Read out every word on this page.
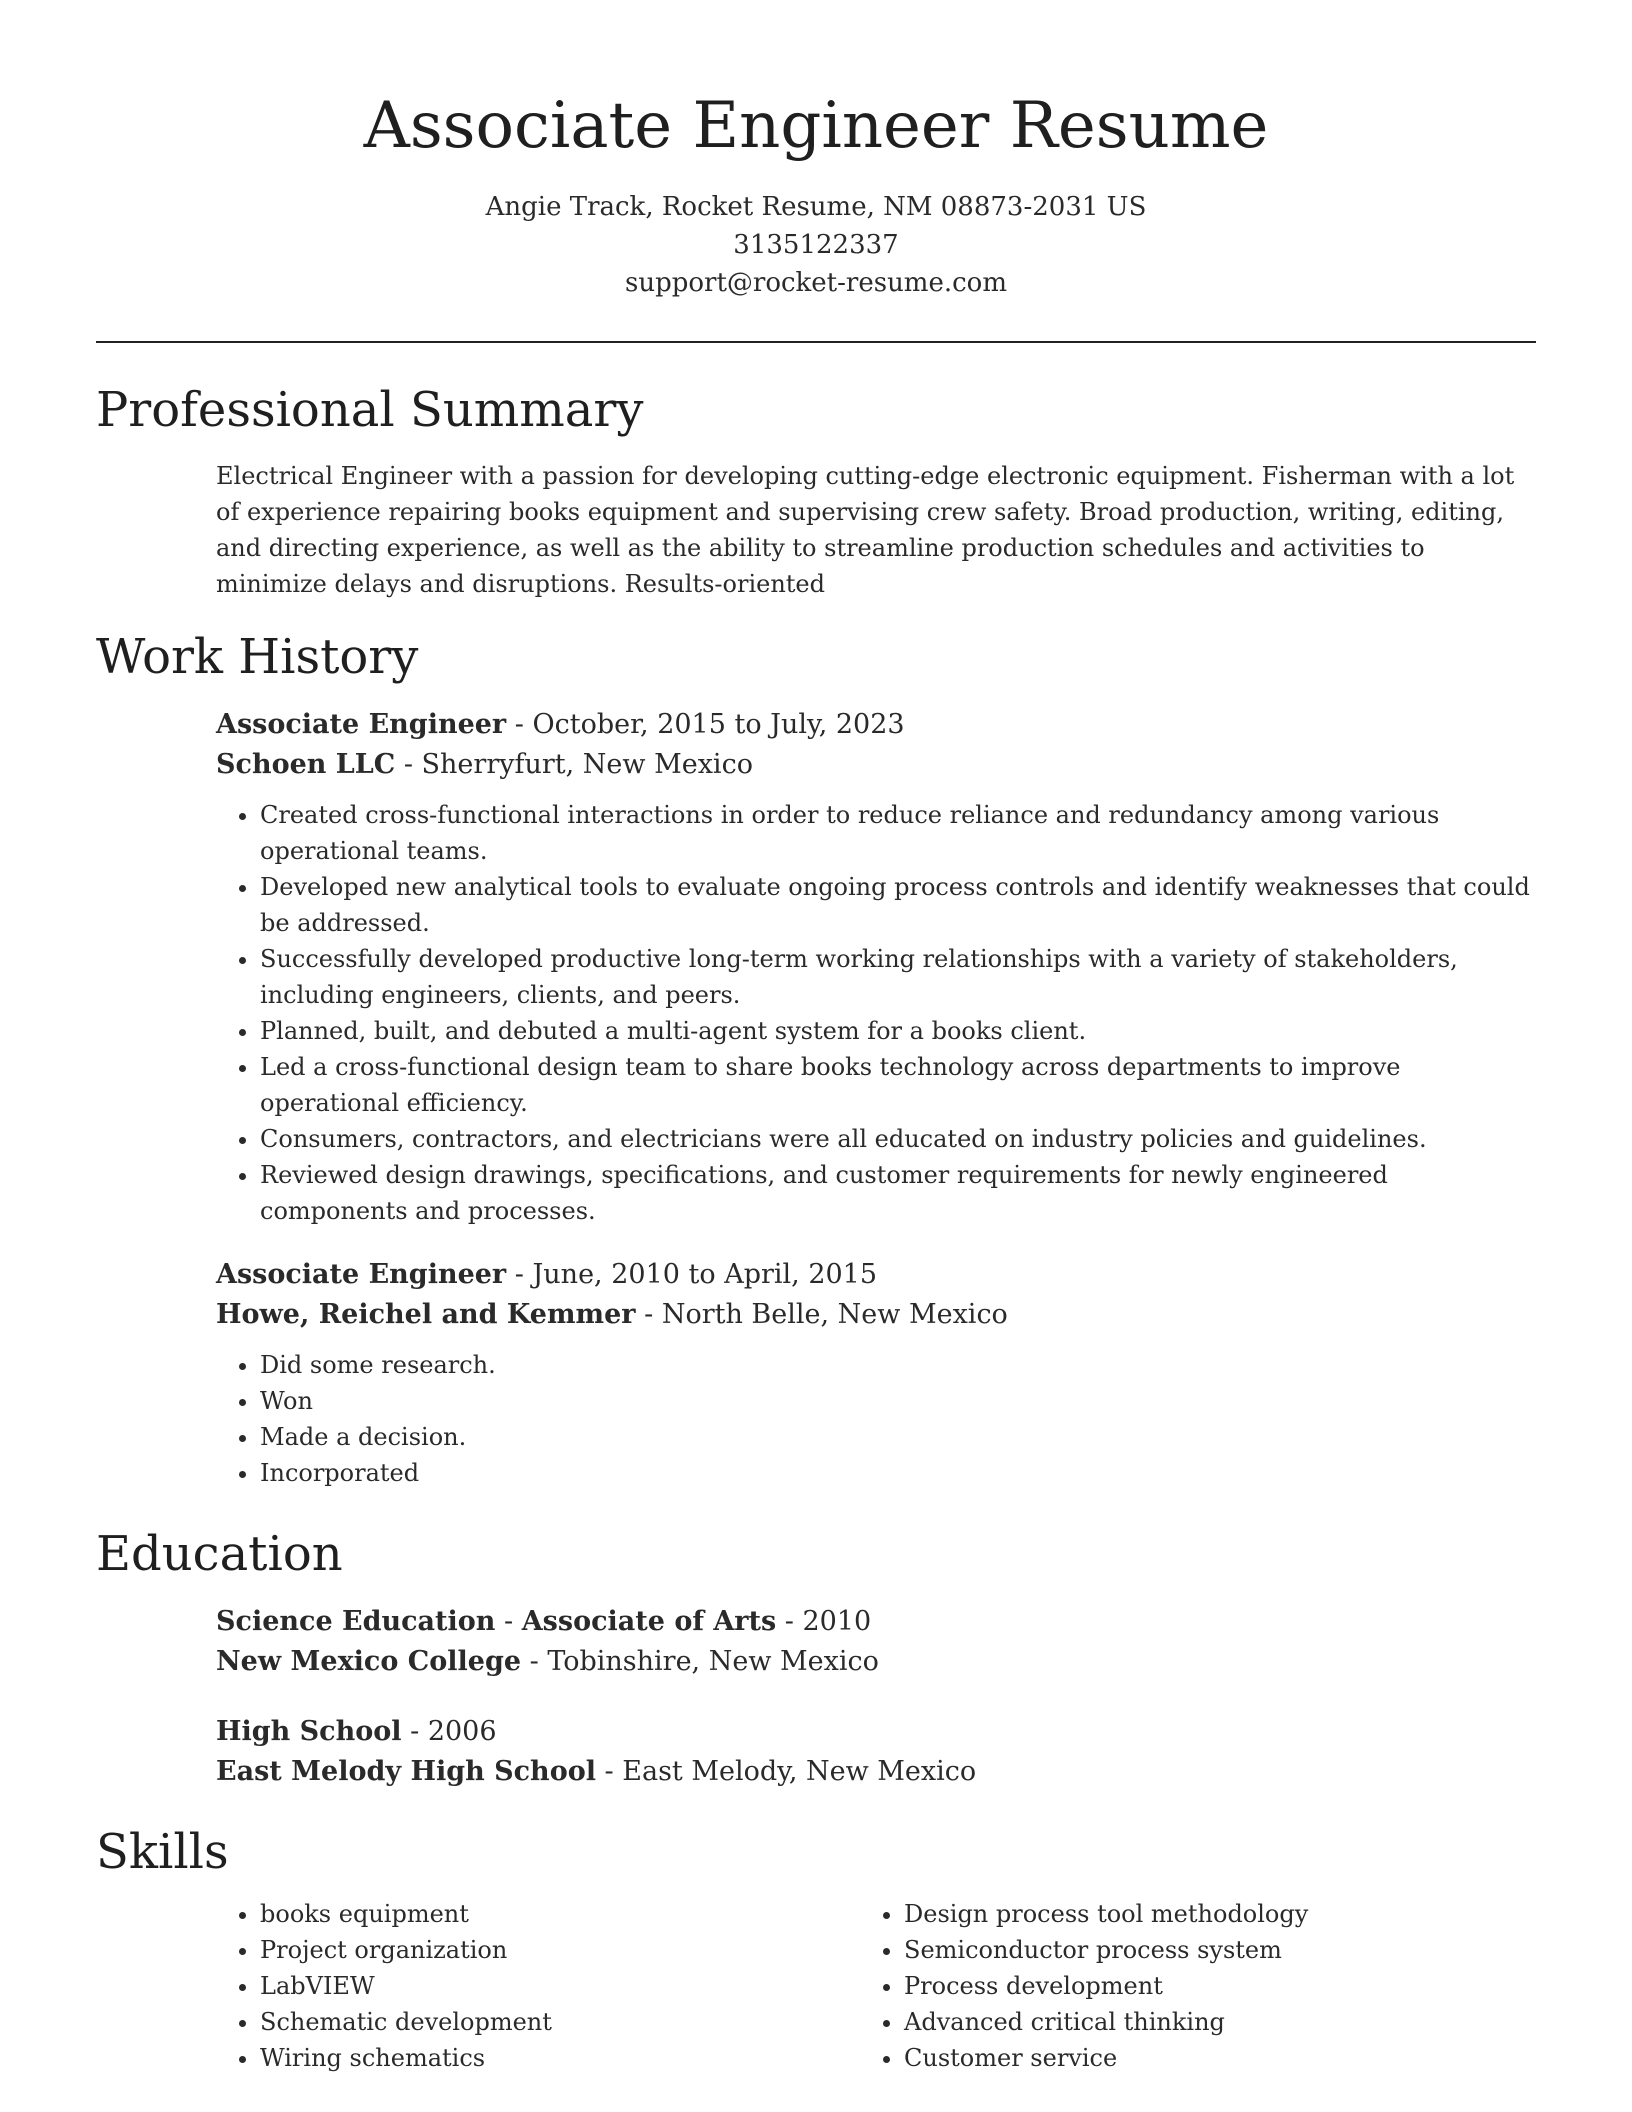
Associate Engineer Resume
Angie Track, Rocket Resume, NM 08873-2031 US
3135122337
support@rocket-resume.com
Professional Summary

Electrical Engineer with a passion for developing cutting-edge electronic equipment. Fisherman with a lot of experience repairing books equipment and supervising crew safety. Broad production, writing, editing, and directing experience, as well as the ability to streamline production schedules and activities to minimize delays and disruptions. Results-oriented

Work History
Associate Engineer - October, 2015 to July, 2023
Schoen LLC - Sherryfurt, New Mexico
• Created cross-functional interactions in order to reduce reliance and redundancy among various operational teams.
• Developed new analytical tools to evaluate ongoing process controls and identify weaknesses that could be addressed.
• Successfully developed productive long-term working relationships with a variety of stakeholders, including engineers, clients, and peers.
• Planned, built, and debuted a multi-agent system for a books client.
• Led a cross-functional design team to share books technology across departments to improve operational efficiency.
• Consumers, contractors, and electricians were all educated on industry policies and guidelines.
• Reviewed design drawings, specifications, and customer requirements for newly engineered components and processes.
Associate Engineer - June, 2010 to April, 2015
Howe, Reichel and Kemmer - North Belle, New Mexico
• Did some research.
• Won
• Made a decision.
• Incorporated
Education
Science Education - Associate of Arts - 2010
New Mexico College - Tobinshire, New Mexico
High School - 2006
East Melody High School - East Melody, New Mexico
Skills
• books equipment
• Project organization
• LabVIEW
• Schematic development
• Wiring schematics
• Design process tool methodology
• Semiconductor process system
• Process development
• Advanced critical thinking
• Customer service
